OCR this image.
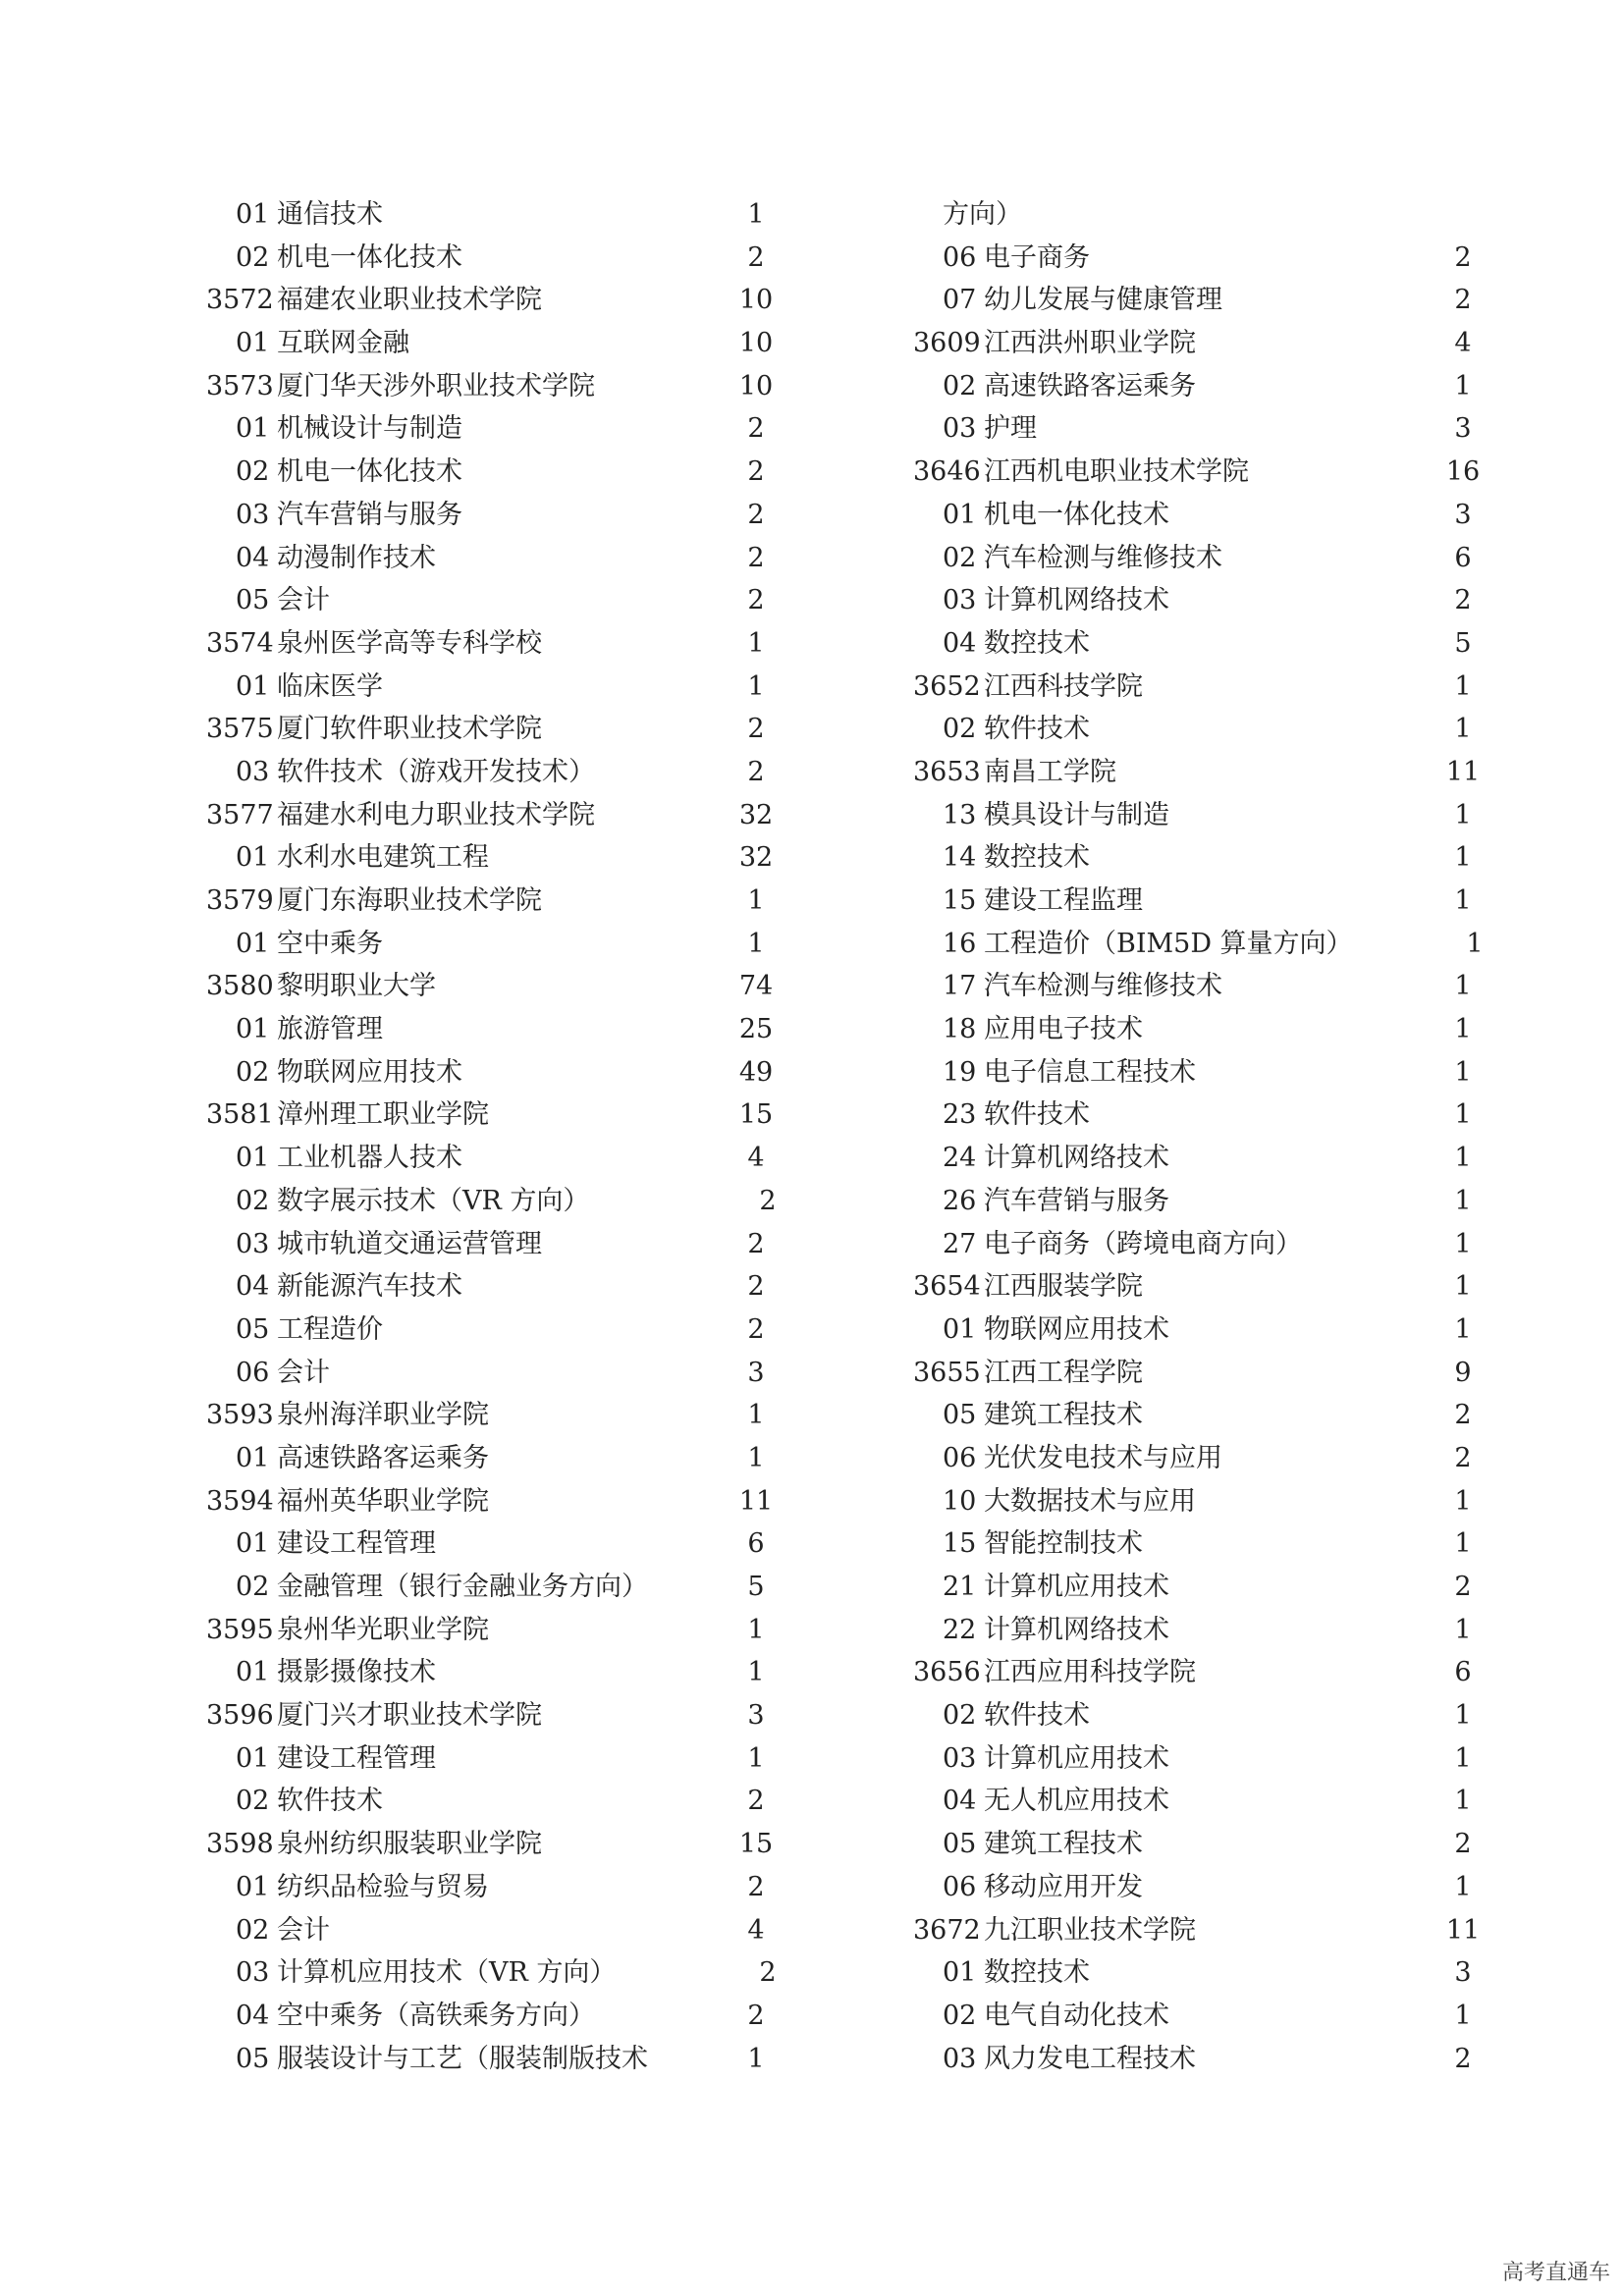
01 通信技术	1
02 机电一体化技术	2
3572 福建农业职业技术学院	10
01 互联网金融	10
3573 厦门华天涉外职业技术学院	10
01 机械设计与制造	2
02 机电一体化技术	2
03 汽车营销与服务	2
04 动漫制作技术	2
05 会计	2
3574 泉州医学高等专科学校	1
01 临床医学	1
3575 厦门软件职业技术学院	2
03 软件技术（游戏开发技术）	2
3577 福建水利电力职业技术学院	32
01 水利水电建筑工程	32
3579 厦门东海职业技术学院	1
01 空中乘务	1
3580 黎明职业大学	74
01 旅游管理	25
02 物联网应用技术	49
3581 漳州理工职业学院	15
01 工业机器人技术	4
02 数字展示技术（VR 方向）	2
03 城市轨道交通运营管理	2
04 新能源汽车技术	2
05 工程造价	2
06 会计	3
3593 泉州海洋职业学院	1
01 高速铁路客运乘务	1
3594 福州英华职业学院	11
01 建设工程管理	6
02 金融管理（银行金融业务方向）	5
3595 泉州华光职业学院	1
01 摄影摄像技术	1
3596 厦门兴才职业技术学院	3
01 建设工程管理	1
02 软件技术	2
3598 泉州纺织服装职业学院	15
01 纺织品检验与贸易	2
02 会计	4
03 计算机应用技术（VR 方向）	2
04 空中乘务（高铁乘务方向）	2
05 服装设计与工艺（服装制版技术	1
方向）
06 电子商务	2
07 幼儿发展与健康管理	2
3609 江西洪州职业学院	4
02 高速铁路客运乘务	1
03 护理	3
3646 江西机电职业技术学院	16
01 机电一体化技术	3
02 汽车检测与维修技术	6
03 计算机网络技术	2
04 数控技术	5
3652 江西科技学院	1
02 软件技术	1
3653 南昌工学院	11
13 模具设计与制造	1
14 数控技术	1
15 建设工程监理	1
16 工程造价（BIM5D 算量方向）	1
17 汽车检测与维修技术	1
18 应用电子技术	1
19 电子信息工程技术	1
23 软件技术	1
24 计算机网络技术	1
26 汽车营销与服务	1
27 电子商务（跨境电商方向）	1
3654 江西服装学院	1
01 物联网应用技术	1
3655 江西工程学院	9
05 建筑工程技术	2
06 光伏发电技术与应用	2
10 大数据技术与应用	1
15 智能控制技术	1
21 计算机应用技术	2
22 计算机网络技术	1
3656 江西应用科技学院	6
02 软件技术	1
03 计算机应用技术	1
04 无人机应用技术	1
05 建筑工程技术	2
06 移动应用开发	1
3672 九江职业技术学院	11
01 数控技术	3
02 电气自动化技术	1
03 风力发电工程技术	2
高考直通车
